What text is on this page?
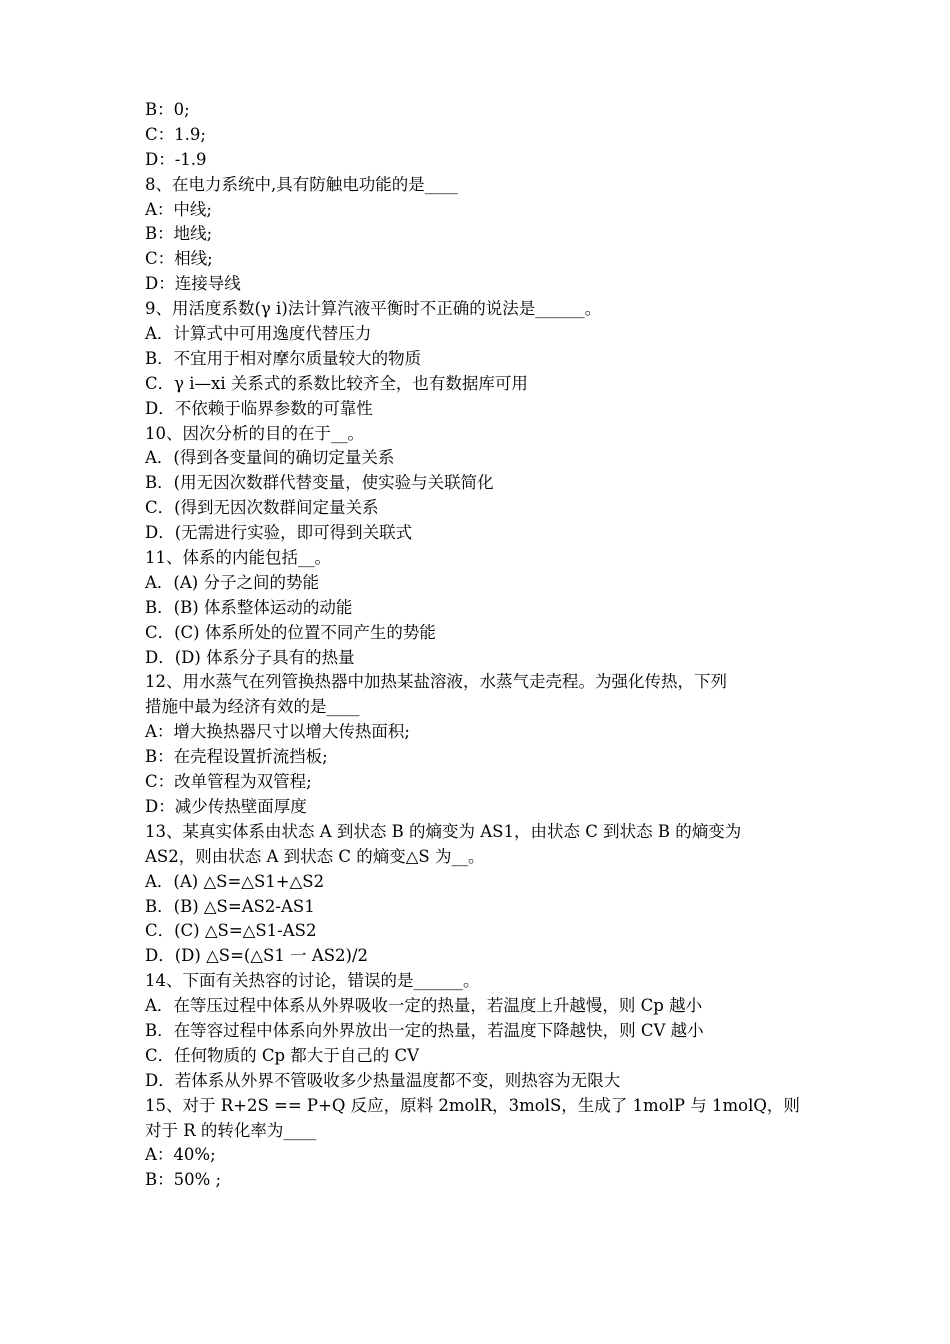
B：0;
C：1.9;
D：-1.9
8、在电力系统中,具有防触电功能的是____
A：中线;
B：地线;
C：相线;
D：连接导线
9、用活度系数(γ i)法计算汽液平衡时不正确的说法是______。
A．计算式中可用逸度代替压力
B．不宜用于相对摩尔质量较大的物质
C．γ i—xi 关系式的系数比较齐全，也有数据库可用
D．不依赖于临界参数的可靠性
10、因次分析的目的在于__。
A．(得到各变量间的确切定量关系
B．(用无因次数群代替变量，使实验与关联简化
C．(得到无因次数群间定量关系
D．(无需进行实验，即可得到关联式
11、体系的内能包括__。
A．(A) 分子之间的势能
B．(B) 体系整体运动的动能
C．(C) 体系所处的位置不同产生的势能
D．(D) 体系分子具有的热量
12、用水蒸气在列管换热器中加热某盐溶液，水蒸气走壳程。为强化传热，下列
措施中最为经济有效的是____
A：增大换热器尺寸以增大传热面积;
B：在壳程设置折流挡板;
C：改单管程为双管程;
D：减少传热壁面厚度
13、某真实体系由状态 A 到状态 B 的熵变为 AS1，由状态 C 到状态 B 的熵变为
AS2，则由状态 A 到状态 C 的熵变△S 为__。
A．(A) △S=△S1+△S2
B．(B) △S=AS2-AS1
C．(C) △S=△S1-AS2
D．(D) △S=(△S1 一 AS2)/2
14、下面有关热容的讨论，错误的是______。
A．在等压过程中体系从外界吸收一定的热量，若温度上升越慢，则 Cp 越小
B．在等容过程中体系向外界放出一定的热量，若温度下降越快，则 CV 越小
C．任何物质的 Cp 都大于自己的 CV
D．若体系从外界不管吸收多少热量温度都不变，则热容为无限大
15、对于 R+2S == P+Q 反应，原料 2molR，3molS，生成了 1molP 与 1molQ，则
对于 R 的转化率为____
A：40%;
B：50% ;
